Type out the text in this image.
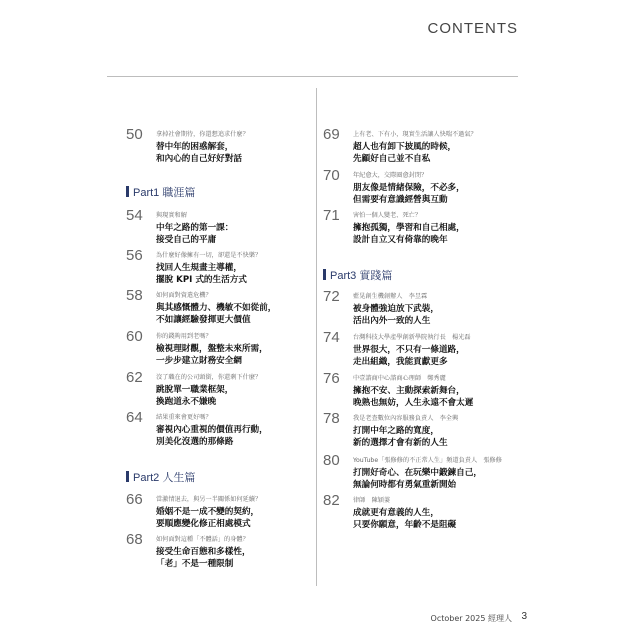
CONTENTS
50 拿掉社會期待，你還想追求什麼？
替中年的困惑解套，
和內心的自己好好對話
Part1 職涯篇
54 與現實和解
中年之路的第一課：
接受自己的平庸
56 為什麼好像擁有一切，卻還是不快樂？
找回人生規畫主導權，
擺脫 KPI 式的生活方式
58 如何面對資遣危機？
與其感慨體力、機敏不如從前，
不如讓經驗發揮更大價值
60 你的錢夠用到老嗎？
檢視理財觀，盤整未來所需，
一步步建立財務安全網
62 沒了職在的公司頭銜，你還剩下什麼？
跳脫單一職業框架，
換跑道永不嫌晚
64 結果重來會更好嗎？
審視內心重視的價值再行動，
別美化沒選的那條路
Part2 人生篇
66 當激情退去，與另一半關係如何延續？
婚姻不是一成不變的契約，
要順應變化修正相處模式
68 如何面對這種「不體話」的身體？
接受生命百態和多樣性，
「老」不是一種限制
69 上有老、下有小，現實生活讓人快喘不過氣？
超人也有卸下披風的時候，
先顧好自己並不自私
70 年紀愈大，交際圈愈封閉？
朋友像是情緒保險，不必多，
但需要有意識經營與互動
71 害怕一個人變老、死亡？
擁抱孤獨，學習和自己相處，
設計自立又有倚靠的晚年
Part3 實踐篇
72 藍晃創生機創辦人　李昱霖
被身體強迫放下武裝，
活出內外一致的人生
74 台灣科技大學產學創新學院執行長　楊光磊
世界很大，不只有一條道路，
走出組織，我能貢獻更多
76 中壹諮商中心諮商心理師　鄭秀麗
擁抱不安、主動探索新舞台，
晚熟也無妨，人生永遠不會太遲
78 我是老查數位內容服務負責人　李全興
打開中年之路的寬度，
新的選擇才會有新的人生
80 YouTube「張修修的不正常人生」頻道負責人　張修修
打開好奇心、在玩樂中鍛鍊自己，
無論何時都有勇氣重新開始
82 律師　陳穎萋
成就更有意義的人生，
只要你願意，年齡不是阻礙
October 2025 經理人 3
